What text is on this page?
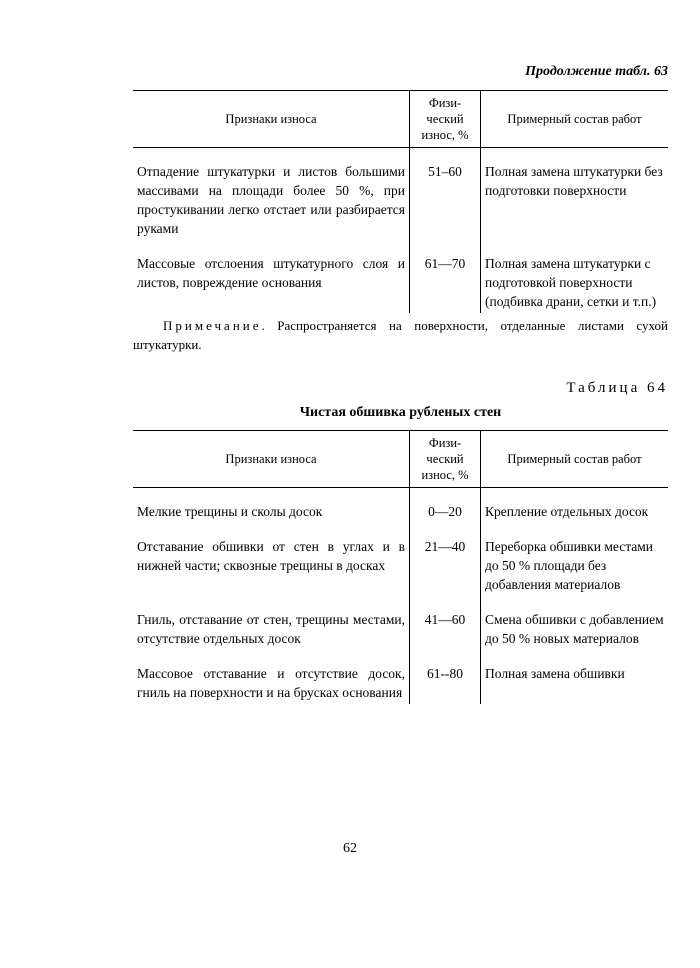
Продолжение табл. 63
Признаки износа	Физи- ческий износ, %	Примерный состав работ
Отпадение штукатурки и листов большими массивами на площади более 50 %, при простукивании легко отстает или разбирается руками	51–60	Полная замена штукатурки без подготовки поверхности
Массовые отслоения штукатурного слоя и листов, повреждение основания	61—70	Полная замена штукатурки с подготовкой поверхности (подбивка драни, сетки и т.п.)
Примечание. Распространяется на поверхности, отделанные листами сухой штукатурки.
Таблица 64
Чистая обшивка рубленых стен
Признаки износа	Физи- ческий износ, %	Примерный состав работ
Мелкие трещины и сколы досок	0—20	Крепление отдельных досок
Отставание обшивки от стен в углах и в нижней части; сквозные трещины в досках	21—40	Переборка обшивки местами до 50 % площади без добавления материалов
Гниль, отставание от стен, трещины местами, отсутствие отдельных досок	41—60	Смена обшивки с добавлением до 50 % новых материалов
Массовое отставание и отсутствие досок, гниль на поверхности и на брусках основания	61--80	Полная замена обшивки
62
